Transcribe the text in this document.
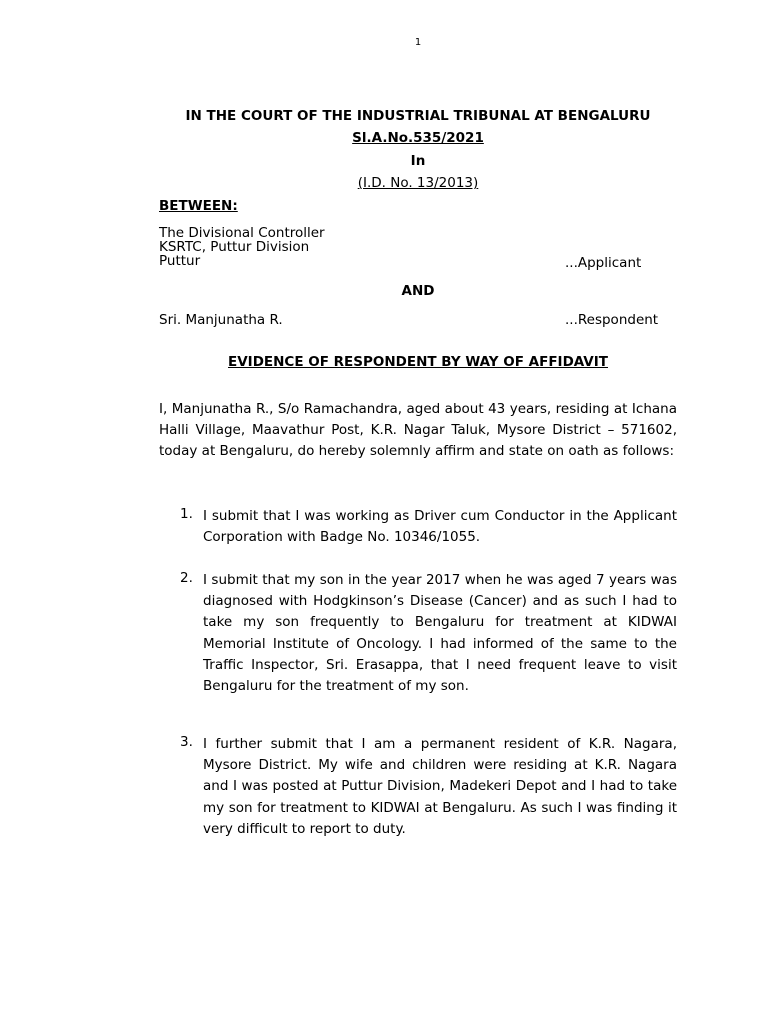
1
IN THE COURT OF THE INDUSTRIAL TRIBUNAL AT BENGALURU
Sl.A.No.535/2021
In
(I.D. No. 13/2013)
BETWEEN:
The Divisional Controller
KSRTC, Puttur Division
Puttur	...Applicant
AND
Sri. Manjunatha R.	...Respondent
EVIDENCE OF RESPONDENT BY WAY OF AFFIDAVIT
I, Manjunatha R., S/o Ramachandra, aged about 43 years, residing at Ichana Halli Village, Maavathur Post, K.R. Nagar Taluk, Mysore District – 571602, today at Bengaluru, do hereby solemnly affirm and state on oath as follows:
1. I submit that I was working as Driver cum Conductor in the Applicant Corporation with Badge No. 10346/1055.
2. I submit that my son in the year 2017 when he was aged 7 years was diagnosed with Hodgkinson’s Disease (Cancer) and as such I had to take my son frequently to Bengaluru for treatment at KIDWAI Memorial Institute of Oncology. I had informed of the same to the Traffic Inspector, Sri. Erasappa, that I need frequent leave to visit Bengaluru for the treatment of my son.
3. I further submit that I am a permanent resident of K.R. Nagara, Mysore District. My wife and children were residing at K.R. Nagara and I was posted at Puttur Division, Madekeri Depot and I had to take my son for treatment to KIDWAI at Bengaluru. As such I was finding it very difficult to report to duty.
